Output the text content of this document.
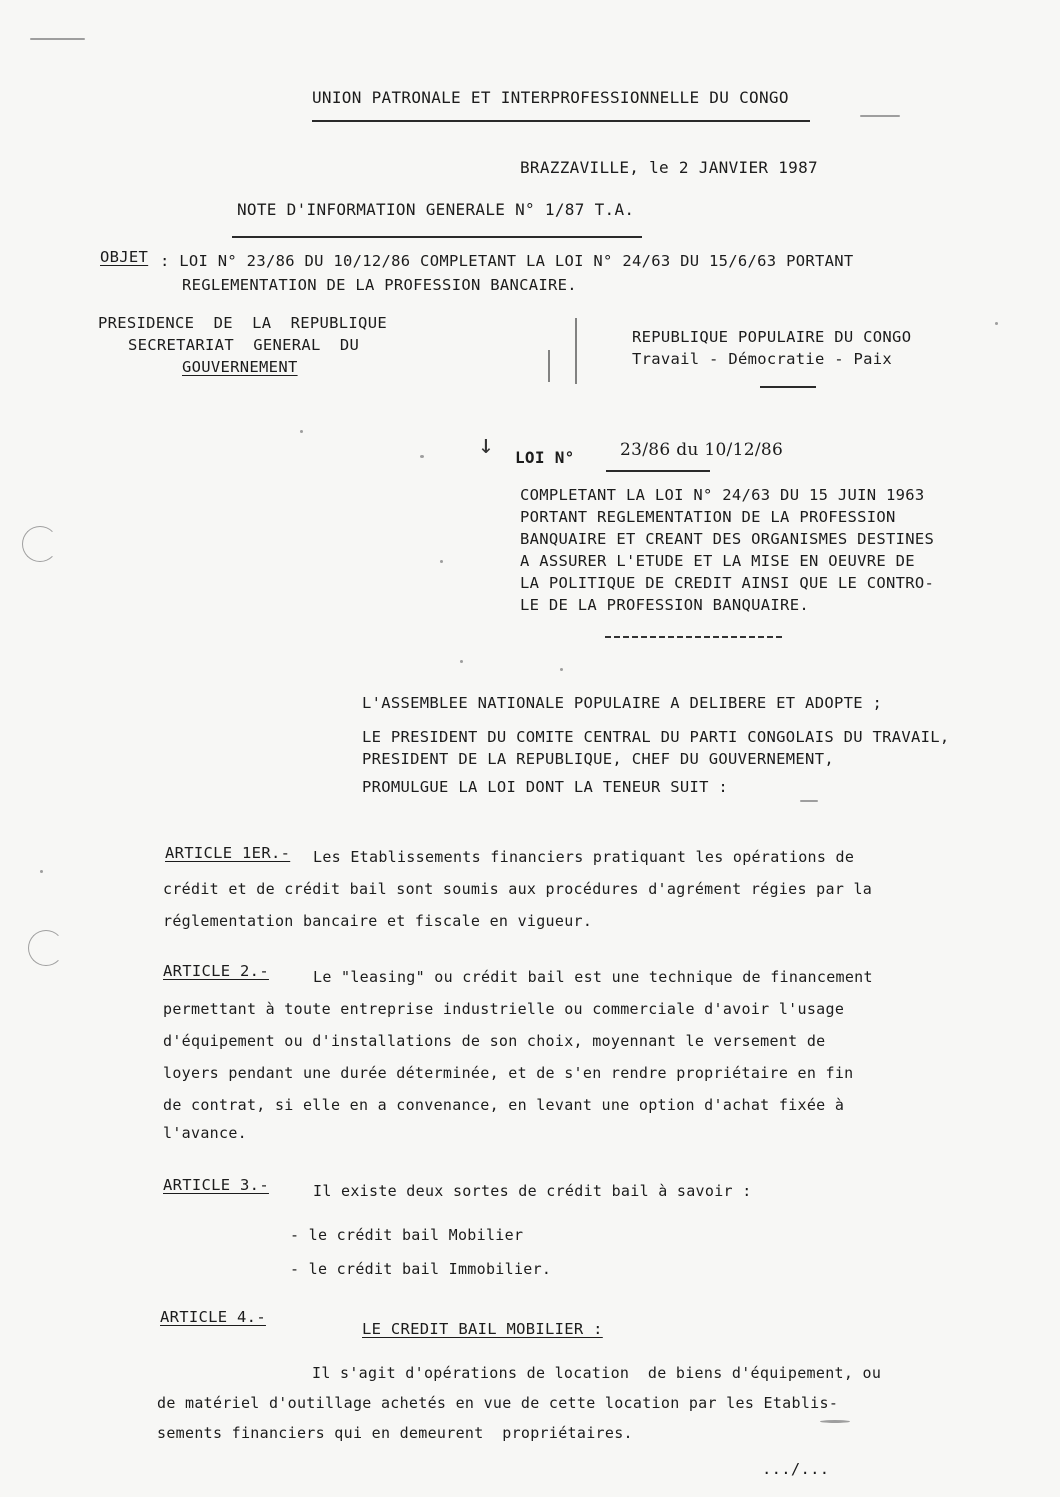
UNION PATRONALE ET INTERPROFESSIONNELLE DU CONGO
BRAZZAVILLE, le 2 JANVIER 1987
NOTE D'INFORMATION GENERALE N° 1/87 T.A.
OBJET : LOI N° 23/86 DU 10/12/86 COMPLETANT LA LOI N° 24/63 DU 15/6/63 PORTANT
REGLEMENTATION DE LA PROFESSION BANCAIRE.
PRESIDENCE  DE  LA  REPUBLIQUE
SECRETARIAT  GENERAL  DU
GOUVERNEMENT
REPUBLIQUE POPULAIRE DU CONGO
Travail - Démocratie - Paix
↓ LOI N°	23/86 du 10/12/86
COMPLETANT LA LOI N° 24/63 DU 15 JUIN 1963
PORTANT REGLEMENTATION DE LA PROFESSION
BANQUAIRE ET CREANT DES ORGANISMES DESTINES
A ASSURER L'ETUDE ET LA MISE EN OEUVRE DE
LA POLITIQUE DE CREDIT AINSI QUE LE CONTRO-
LE DE LA PROFESSION BANQUAIRE.
L'ASSEMBLEE NATIONALE POPULAIRE A DELIBERE ET ADOPTE ;
LE PRESIDENT DU COMITE CENTRAL DU PARTI CONGOLAIS DU TRAVAIL,
PRESIDENT DE LA REPUBLIQUE, CHEF DU GOUVERNEMENT,
PROMULGUE LA LOI DONT LA TENEUR SUIT :
ARTICLE 1ER.- Les Etablissements financiers pratiquant les opérations de
crédit et de crédit bail sont soumis aux procédures d'agrément régies par la
réglementation bancaire et fiscale en vigueur.
ARTICLE 2.-	Le "leasing" ou crédit bail est une technique de financement
permettant à toute entreprise industrielle ou commerciale d'avoir l'usage
d'équipement ou d'installations de son choix, moyennant le versement de
loyers pendant une durée déterminée, et de s'en rendre propriétaire en fin
de contrat, si elle en a convenance, en levant une option d'achat fixée à
l'avance.
ARTICLE 3.-	Il existe deux sortes de crédit bail à savoir :
- le crédit bail Mobilier
- le crédit bail Immobilier.
ARTICLE 4.-
LE CREDIT BAIL MOBILIER :
Il s'agit d'opérations de location  de biens d'équipement, ou
de matériel d'outillage achetés en vue de cette location par les Etablis-
sements financiers qui en demeurent  propriétaires.
.../...
